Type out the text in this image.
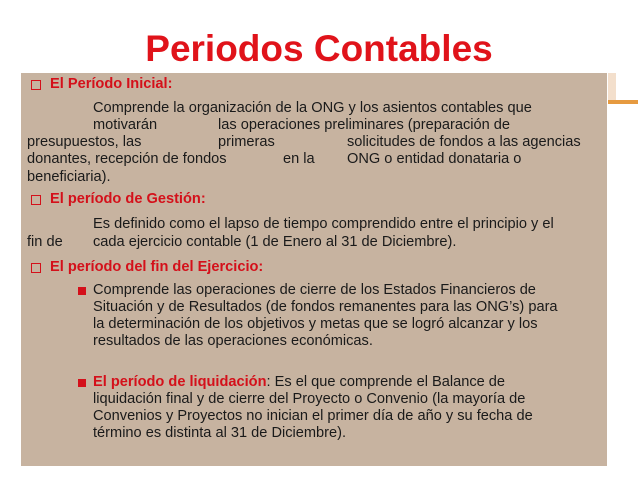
Periodos Contables
El Período Inicial:
Comprende la organización de la ONG y los asientos contables que
motivarán	las operaciones preliminares (preparación de
presupuestos, las	primeras	solicitudes de fondos a las agencias
donantes, recepción de fondos	en la ONG o entidad donataria o
beneficiaria).
El período de Gestión:
Es definido como el lapso de tiempo comprendido entre el principio y el
fin de cada ejercicio contable (1 de Enero al 31 de Diciembre).
El período del fin del Ejercicio:
Comprende las operaciones de cierre de los Estados Financieros de
Situación y de Resultados (de fondos remanentes para las ONG’s) para
la determinación de los objetivos y metas que se logró alcanzar y los
resultados de las operaciones económicas.
El período de liquidación: Es el que comprende el Balance de
liquidación final y de cierre del Proyecto o Convenio (la mayoría de
Convenios y Proyectos no inician el primer día de año y su fecha de
término es distinta al 31 de Diciembre).
